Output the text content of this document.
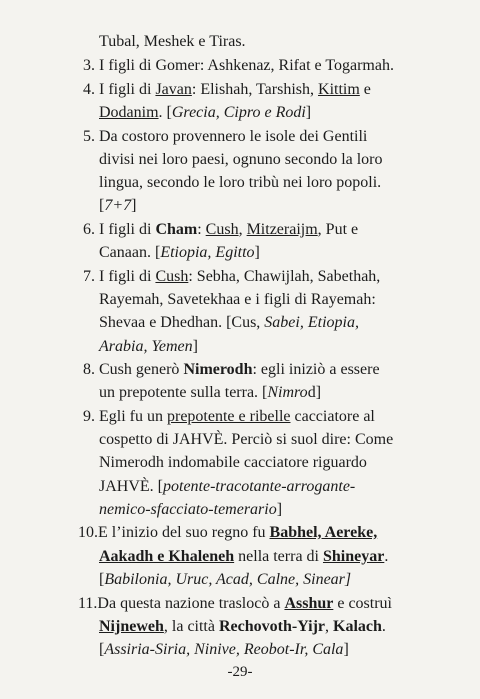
Tubal, Meshek e Tiras.
3. I figli di Gomer: Ashkenaz, Rifat e Togarmah.
4. I figli di Javan: Elishah, Tarshish, Kittim e
Dodanim. [Grecia, Cipro e Rodi]
5. Da costoro provennero le isole dei Gentili
divisi nei loro paesi, ognuno secondo la loro
lingua, secondo le loro tribù nei loro popoli.
[7+7]
6. I figli di Cham: Cush, Mitzeraijm, Put e
Canaan. [Etiopia, Egitto]
7. I figli di Cush: Sebha, Chawijlah, Sabethah,
Rayemah, Savetekhaa e i figli di Rayemah:
Shevaa e Dhedhan. [Cus, Sabei, Etiopia,
Arabia, Yemen]
8. Cush generò Nimerodh: egli iniziò a essere
un prepotente sulla terra. [Nimrod]
9. Egli fu un prepotente e ribelle cacciatore al
cospetto di JAHVÈ. Perciò si suol dire: Come
Nimerodh indomabile cacciatore riguardo
JAHVÈ. [potente-tracotante-arrogante-
nemico-sfacciato-temerario]
10.E l’inizio del suo regno fu Babhel, Aereke,
Aakadh e Khaleneh nella terra di Shineyar.
[Babilonia, Uruc, Acad, Calne, Sinear]
11.Da questa nazione traslocò a Asshur e costruì
Nijneweh, la città Rechovoth-Yijr, Kalach.
[Assiria-Siria, Ninive, Reobot-Ir, Cala]
-29-
